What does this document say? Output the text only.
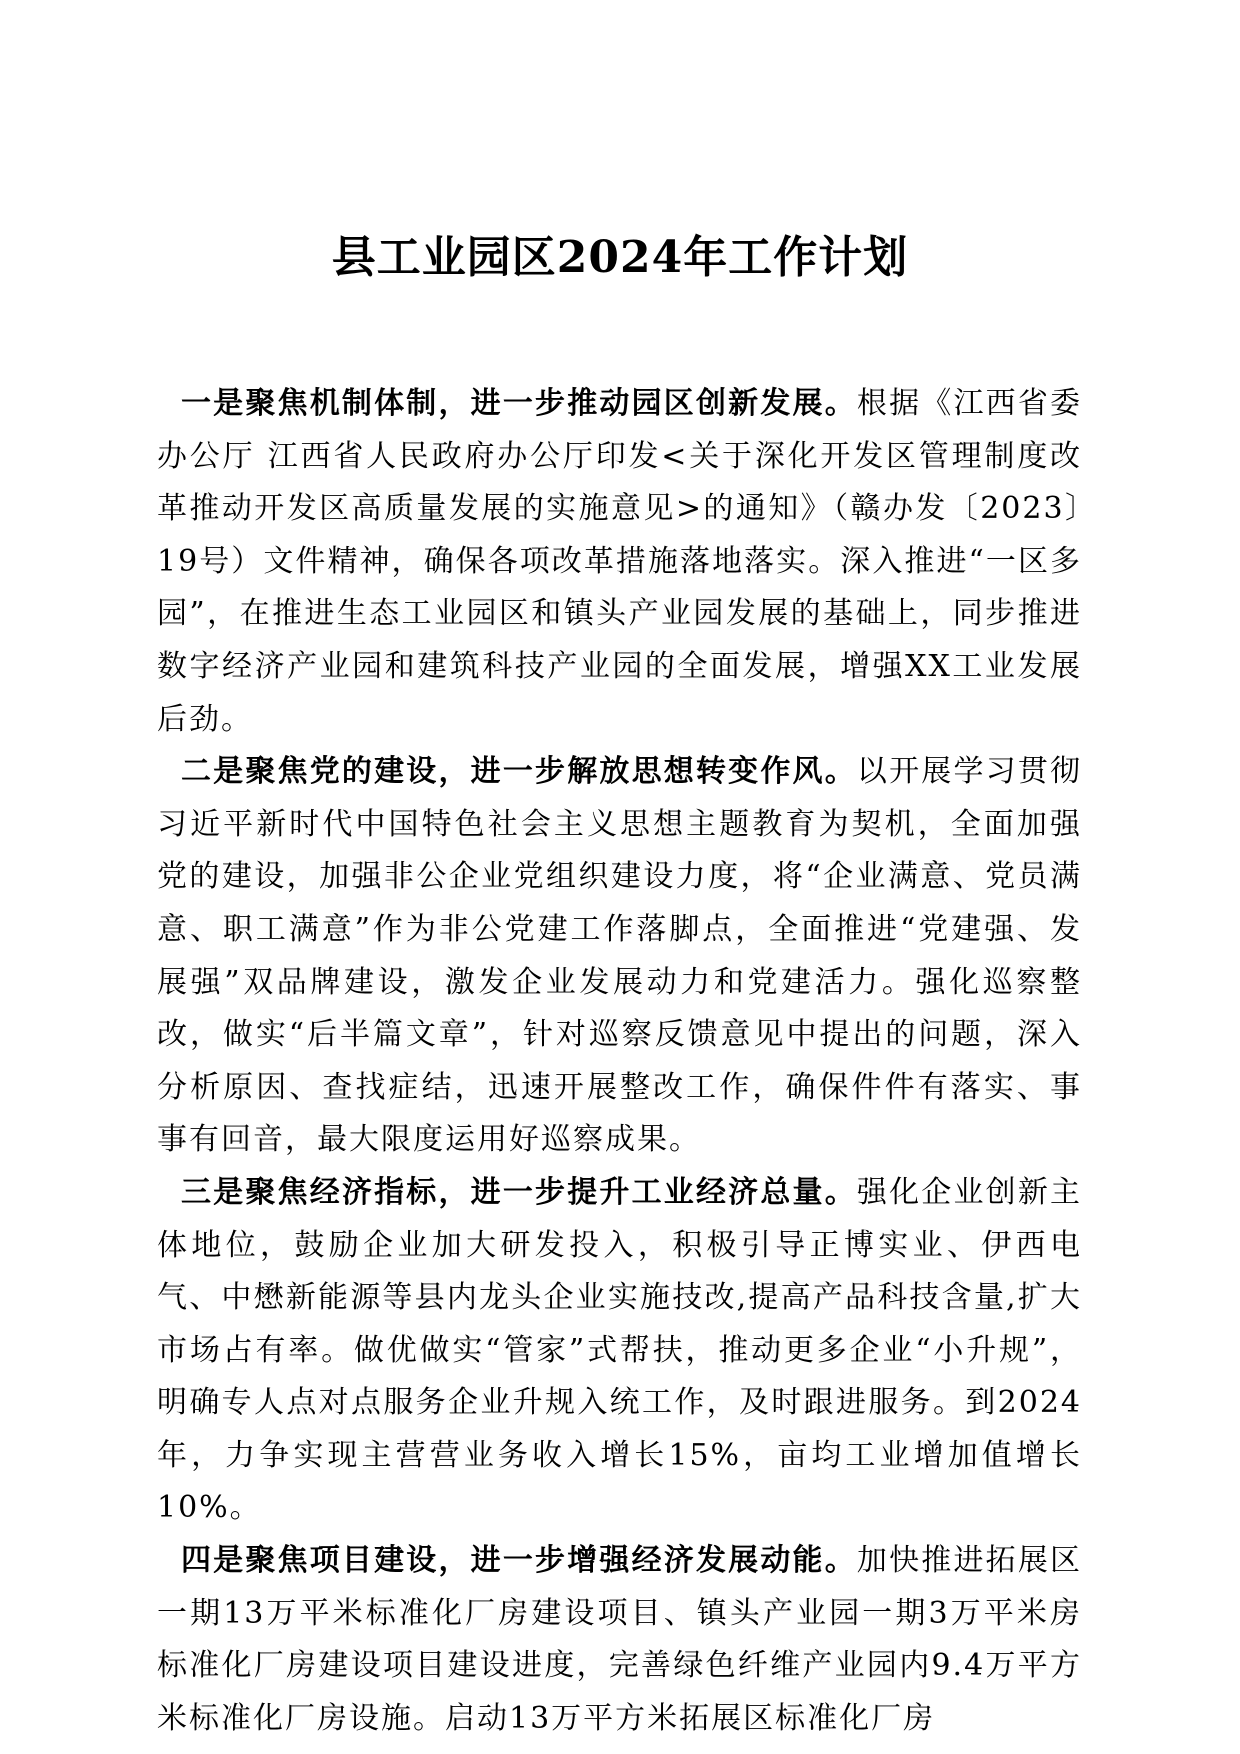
县工业园区2024年工作计划

一是聚焦机制体制，进一步推动园区创新发展。根据《江西省委办公厅 江西省人民政府办公厅印发<关于深化开发区管理制度改革推动开发区高质量发展的实施意见>的通知》（赣办发〔2023〕19号）文件精神，确保各项改革措施落地落实。深入推进“一区多园”，在推进生态工业园区和镇头产业园发展的基础上，同步推进数字经济产业园和建筑科技产业园的全面发展，增强XX工业发展后劲。

二是聚焦党的建设，进一步解放思想转变作风。以开展学习贯彻习近平新时代中国特色社会主义思想主题教育为契机，全面加强党的建设，加强非公企业党组织建设力度，将“企业满意、党员满意、职工满意”作为非公党建工作落脚点，全面推进“党建强、发展强”双品牌建设，激发企业发展动力和党建活力。强化巡察整改，做实“后半篇文章”，针对巡察反馈意见中提出的问题，深入分析原因、查找症结，迅速开展整改工作，确保件件有落实、事事有回音，最大限度运用好巡察成果。

三是聚焦经济指标，进一步提升工业经济总量。强化企业创新主体地位，鼓励企业加大研发投入，积极引导正博实业、伊西电气、中懋新能源等县内龙头企业实施技改,提高产品科技含量,扩大市场占有率。做优做实“管家”式帮扶，推动更多企业“小升规”，明确专人点对点服务企业升规入统工作，及时跟进服务。到2024年，力争实现主营营业务收入增长15%，亩均工业增加值增长10%。

四是聚焦项目建设，进一步增强经济发展动能。加快推进拓展区一期13万平米标准化厂房建设项目、镇头产业园一期3万平米房标准化厂房建设项目建设进度，完善绿色纤维产业园内9.4万平方米标准化厂房设施。启动13万平方米拓展区标准化厂房
